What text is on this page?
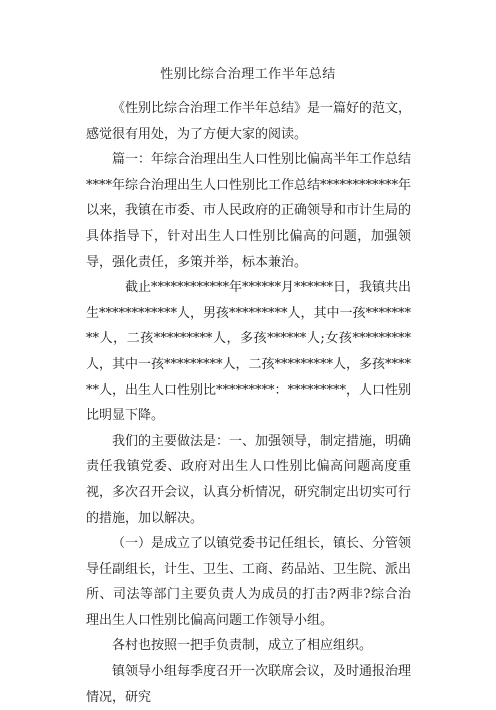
性别比综合治理工作半年总结

《性别比综合治理工作半年总结》是一篇好的范文，感觉很有用处，为了方便大家的阅读。

篇一：年综合治理出生人口性别比偏高半年工作总结****年综合治理出生人口性别比工作总结************年以来，我镇在市委、市人民政府的正确领导和市计生局的具体指导下，针对出生人口性别比偏高的问题，加强领导，强化责任，多策并举，标本兼治。

截止************年******月******日，我镇共出生************人，男孩*********人，其中一孩*********人，二孩*********人，多孩******人;女孩*********人，其中一孩*********人，二孩*********人，多孩******人，出生人口性别比*********：*********，人口性别比明显下降。

我们的主要做法是：一、加强领导，制定措施，明确责任我镇党委、政府对出生人口性别比偏高问题高度重视，多次召开会议，认真分析情况，研究制定出切实可行的措施，加以解决。

（一）是成立了以镇党委书记任组长，镇长、分管领导任副组长，计生、卫生、工商、药品站、卫生院、派出所、司法等部门主要负责人为成员的打击?两非?综合治理出生人口性别比偏高问题工作领导小组。

各村也按照一把手负责制，成立了相应组织。

镇领导小组每季度召开一次联席会议，及时通报治理情况，研究
